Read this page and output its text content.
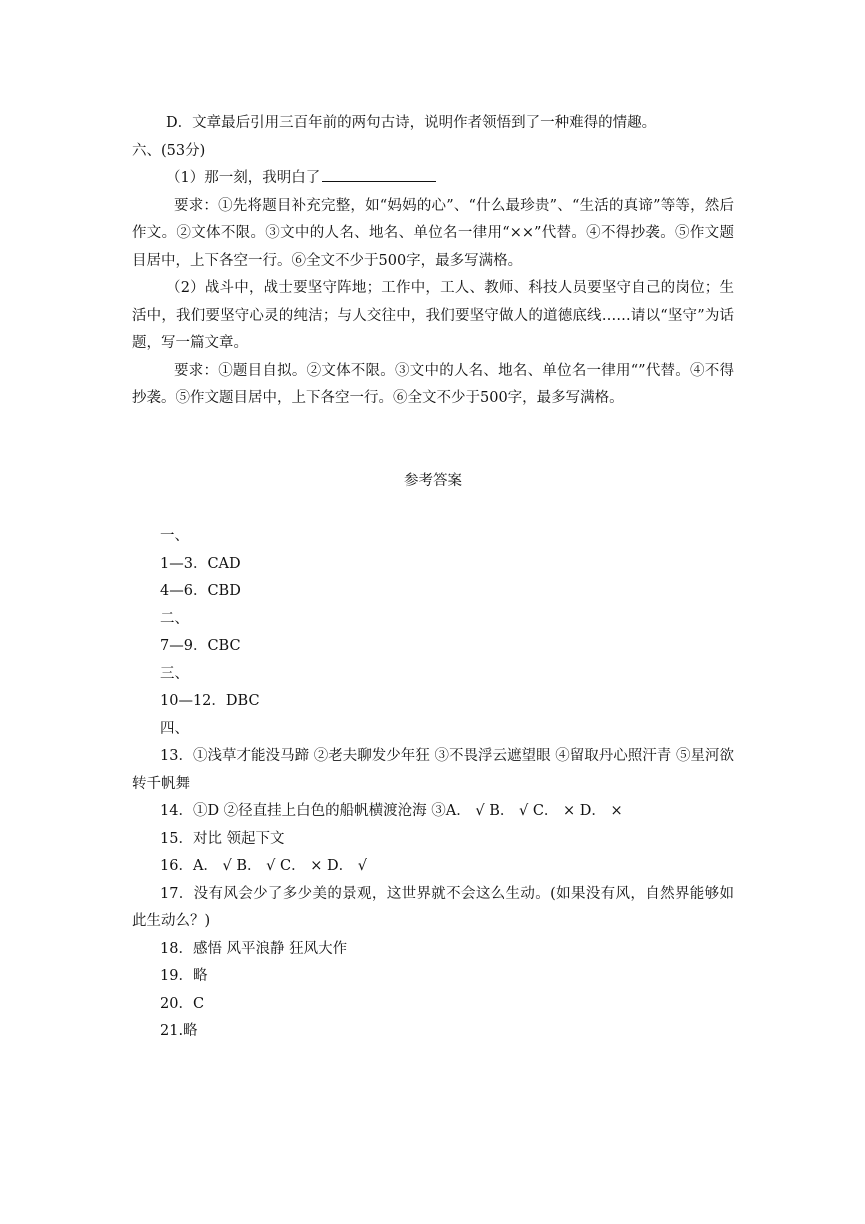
D．文章最后引用三百年前的两句古诗，说明作者领悟到了一种难得的情趣。
六、(53分)
（1）那一刻，我明白了
要求：①先将题目补充完整，如“妈妈的心”、“什么最珍贵”、“生活的真谛”等等，然后作文。②文体不限。③文中的人名、地名、单位名一律用“××”代替。④不得抄袭。⑤作文题目居中，上下各空一行。⑥全文不少于500字，最多写满格。
（2）战斗中，战士要坚守阵地；工作中，工人、教师、科技人员要坚守自己的岗位；生活中，我们要坚守心灵的纯洁；与人交往中，我们要坚守做人的道德底线……请以“坚守”为话题，写一篇文章。
要求：①题目自拟。②文体不限。③文中的人名、地名、单位名一律用“”代替。④不得抄袭。⑤作文题目居中，上下各空一行。⑥全文不少于500字，最多写满格。
参考答案
一、
1—3．CAD
4—6．CBD
二、
7—9．CBC
三、
10—12．DBC
四、
13．①浅草才能没马蹄 ②老夫聊发少年狂 ③不畏浮云遮望眼 ④留取丹心照汗青 ⑤星河欲转千帆舞
14．①D ②径直挂上白色的船帆横渡沧海 ③A． √ B． √ C． × D． ×
15．对比 领起下文
16．A． √ B． √ C． × D． √
17．没有风会少了多少美的景观，这世界就不会这么生动。(如果没有风，自然界能够如此生动么？)
18．感悟 风平浪静 狂风大作
19．略
20．C
21.略
